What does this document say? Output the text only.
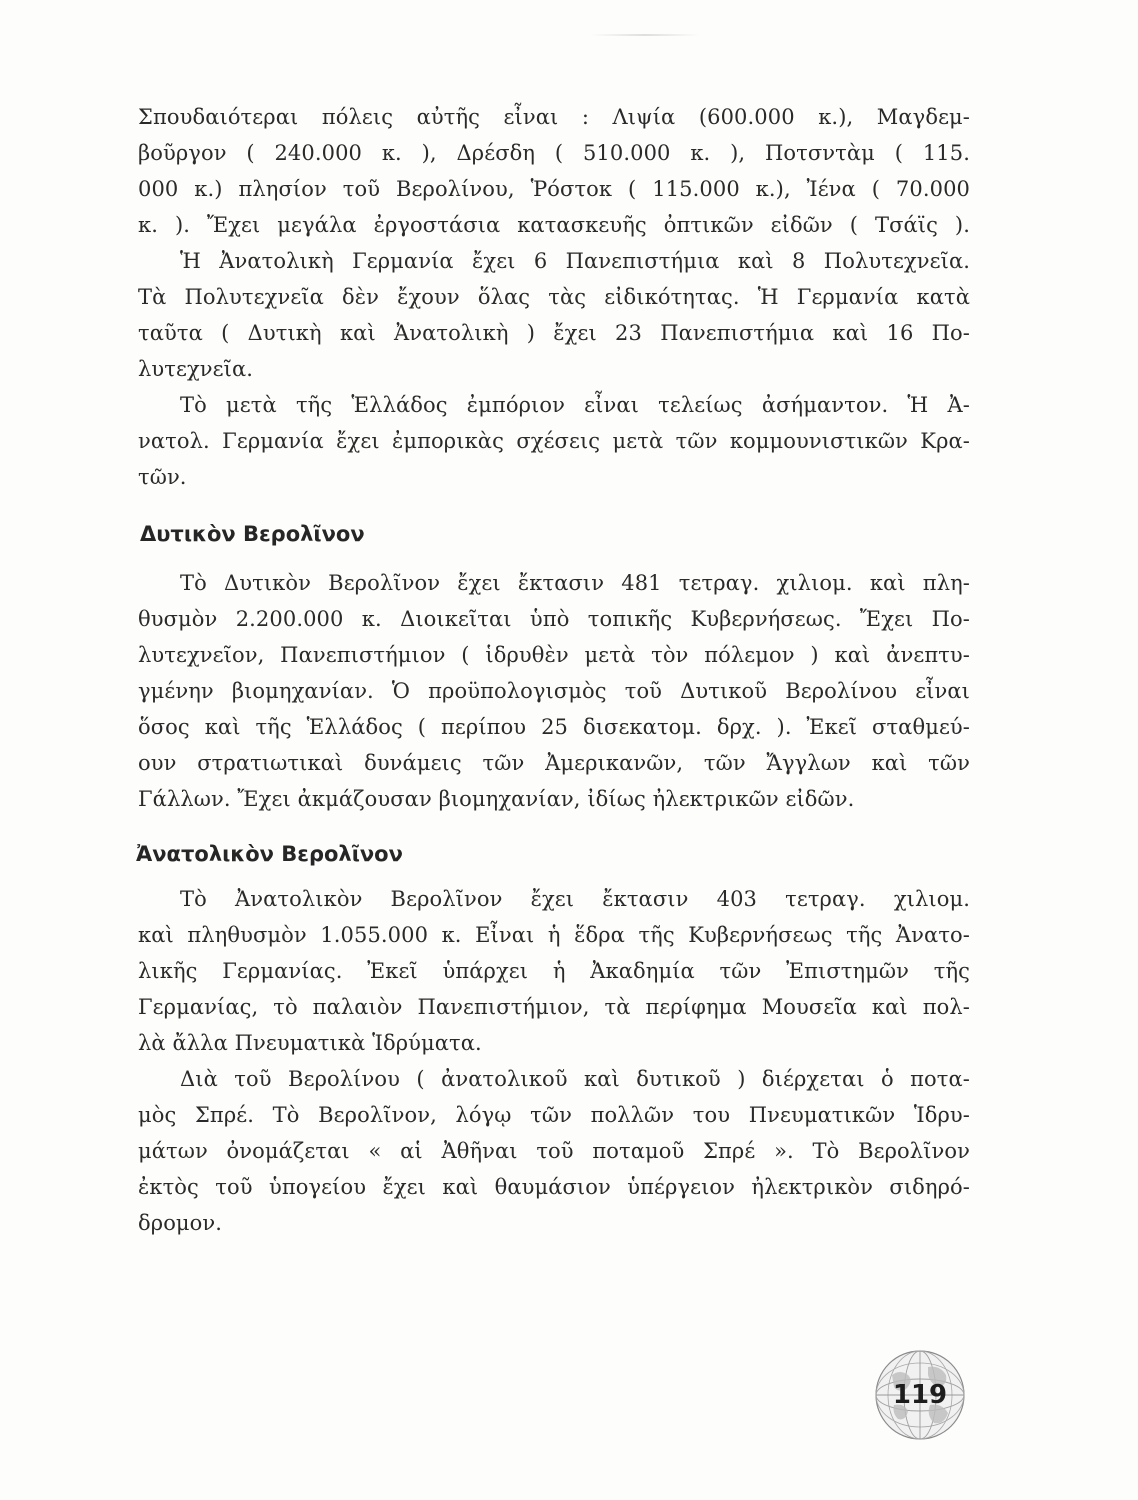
Σπουδαιότεραι πόλεις αὐτῆς εἶναι : Λιψία (600.000 κ.), Μαγδεμ-
βοῦργον ( 240.000 κ. ), Δρέσδη ( 510.000 κ. ), Ποτσντὰμ ( 115.
000 κ.) πλησίον τοῦ Βερολίνου, Ῥόστοκ ( 115.000 κ.), Ἰένα ( 70.000
κ. ). Ἔχει μεγάλα ἐργοστάσια κατασκευῆς ὀπτικῶν εἰδῶν ( Τσάϊς ).
Ἡ Ἀνατολικὴ Γερμανία ἔχει 6 Πανεπιστήμια καὶ 8 Πολυτεχνεῖα.
Τὰ Πολυτεχνεῖα δὲν ἔχουν ὅλας τὰς εἰδικότητας. Ἡ Γερμανία κατὰ
ταῦτα ( Δυτικὴ καὶ Ἀνατολικὴ ) ἔχει 23 Πανεπιστήμια καὶ 16 Πο-
λυτεχνεῖα.
Τὸ μετὰ τῆς Ἑλλάδος ἐμπόριον εἶναι τελείως ἀσήμαντον. Ἡ Ἀ-
νατολ. Γερμανία ἔχει ἐμπορικὰς σχέσεις μετὰ τῶν κομμουνιστικῶν Κρα-
τῶν.
Δυτικὸν Βερολῖνον
Τὸ Δυτικὸν Βερολῖνον ἔχει ἔκτασιν 481 τετραγ. χιλιομ. καὶ πλη-
θυσμὸν 2.200.000 κ. Διοικεῖται ὑπὸ τοπικῆς Κυβερνήσεως. Ἔχει Πο-
λυτεχνεῖον, Πανεπιστήμιον ( ἱδρυθὲν μετὰ τὸν πόλεμον ) καὶ ἀνεπτυ-
γμένην βιομηχανίαν. Ὁ προϋπολογισμὸς τοῦ Δυτικοῦ Βερολίνου εἶναι
ὅσος καὶ τῆς Ἑλλάδος ( περίπου 25 δισεκατομ. δρχ. ). Ἐκεῖ σταθμεύ-
ουν στρατιωτικαὶ δυνάμεις τῶν Ἀμερικανῶν, τῶν Ἄγγλων καὶ τῶν
Γάλλων. Ἔχει ἀκμάζουσαν βιομηχανίαν, ἰδίως ἠλεκτρικῶν εἰδῶν.
Ἀνατολικὸν Βερολῖνον
Τὸ Ἀνατολικὸν Βερολῖνον ἔχει ἔκτασιν 403 τετραγ. χιλιομ.
καὶ πληθυσμὸν 1.055.000 κ. Εἶναι ἡ ἕδρα τῆς Κυβερνήσεως τῆς Ἀνατο-
λικῆς Γερμανίας. Ἐκεῖ ὑπάρχει ἡ Ἀκαδημία τῶν Ἐπιστημῶν τῆς
Γερμανίας, τὸ παλαιὸν Πανεπιστήμιον, τὰ περίφημα Μουσεῖα καὶ πολ-
λὰ ἄλλα Πνευματικὰ Ἱδρύματα.
Διὰ τοῦ Βερολίνου ( ἀνατολικοῦ καὶ δυτικοῦ ) διέρχεται ὁ ποτα-
μὸς Σπρέ. Τὸ Βερολῖνον, λόγῳ τῶν πολλῶν του Πνευματικῶν Ἱδρυ-
μάτων ὀνομάζεται « αἱ Ἀθῆναι τοῦ ποταμοῦ Σπρέ ». Τὸ Βερολῖνον
ἐκτὸς τοῦ ὑπογείου ἔχει καὶ θαυμάσιον ὑπέργειον ἠλεκτρικὸν σιδηρό-
δρομον.
119
